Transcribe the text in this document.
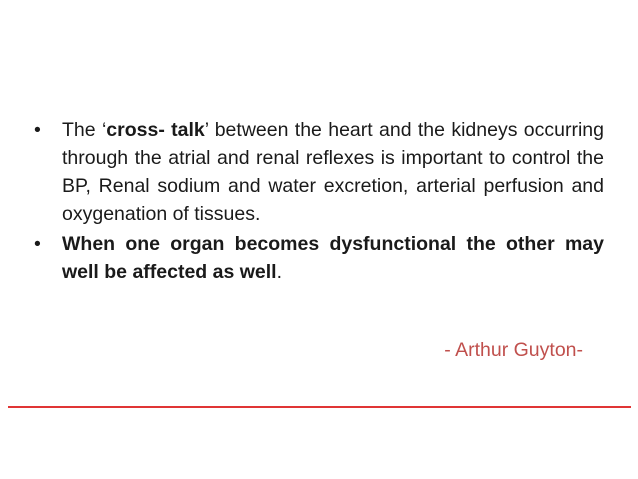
•	The ‘cross- talk’ between the heart and the kidneys occurring through the atrial and renal reflexes is important to control the BP, Renal sodium and water excretion, arterial perfusion and oxygenation of tissues.
•	When one organ becomes dysfunctional the other may well be affected as well.
- Arthur Guyton-
